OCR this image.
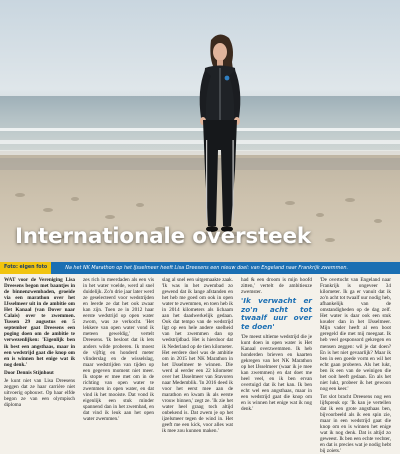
Internationale oversteek
Foto: eigen foto	Na het NK Marathon op het IJsselmeer heeft Lisa Dreesens een nieuw doel: van Engeland naar Frankrijk zwemmen.

WAT voor de Vereniging Lisa Dreesens begon met baantjes in de binnenzwembaden, groeide via een marathon over het IJsselmeer uit in de ambitie om Het Kanaal (van Dover naar Calais) over te zwemmen. Tussen 29 augustus en 5 september gaat Dreesens een poging doen om de ambitie te verwezenlijken: 'Eigenlijk ben ik best een angsthaas, maar in een wedstrijd gaat die knop om en is winnen het enige wat ik nog denk.'

Door Dennis Stijnhout

Je kunt niet van Lisa Dreesens zeggen dat ze haar carrière niet uitvoerig opbouwt. Op haar elfde begon ze van een olympisch diploma

zes rich in meerdaden als een vis in het water voelde, werd al snel duidelijk. Zo'n drie jaar later werd ze geselecteerd voor wedstrijden en leerde ze dat het ook zwaar kan zijn. Toen ze in 2012 haar eerste wedstrijd op open water zwom, was ze verkocht. 'Het lekkere van open water vond ik meteen geweldig,' vertelt Dreesens. 'Ik besloot dat ik lets anders wilde proberen. Ik moest de vijftig en honderd meter vlinderslag en de wisselslag, maar wedstrijden van tijden op een gegeven moment niet meer. Ik stopte er mee met om in de richting van open water te zwemmen in open water, en dat vind ik het mooiste. Dat vond ik eigenlijk een stuk minder spannend dan in het zwembad, en dat vind ik leuk aan het open water zwemmen.'

slag al snel een uitgemaakte zaak. 'Ik was in het zwembad zo gewend dat ik lange afstanden en het heb me goed om ook in open water te zwemmen, en toen heb ik in 2014 kilometers als lichaam aan het daadwerkelijk gedaan. Ook dat tempo van de wedstrijd ligt op een hele andere snelheid van het zwemmen dan op wedstrijdbad. Het is hierdoor dat ik Nederland op de tien kilometer. Het eerdere doel was de ambitie om in 2015 het NK Marathon in het IJsselmeer te winnen. Die werd al eerder een 22 kilometer over het IJsselmeer van Stavoren naar Medemblik. 'In 2016 deed ik voor het eerst mee aan de marathon en kwam ik als eerste vrouw binnen,' zegt ze. 'Ik zie het water heel graag toch altijd onbekend is. Dat zwem je op het ijzelsmeer tegen de wind in. Het geeft me een kick, voor alles wat ik mee zou kunnen maken.'

had & een droom is mijn hoofd zitten,' vertelt de ambitieuze zwemster.

'Ik verwacht er zo'n acht tot twaalf uur over te doen'

'De meest ultieme wedstrijd die je kunt doen in open water is Het Kanaal overzwemmen. Ik heb honderden brieven en kaarten gekregen van het NK Marathon op het IJsselmeer (waar ik je mee kan zwemmen) en dat doet me heel veel, en ik ben ervan overtuigd dat ik het kan. Ik ben echt wel een angsthaas, maar in een wedstrijd gaat die knop om en is winnen het enige wat ik nog denk.'

'De overtocht van Engeland naar Frankrijk is ongeveer 34 kilometer. Ik ga er vanuit dat ik zo'n acht tot twaalf uur nodig heb, afhankelijk van de omstandigheden op de dag zelf. Het water is daar ook een stuk kouder dan in het IJsselmeer. Mijn vader heeft al een boot geregeld die met mij meegaat. Ik heb veel gesponsord gekregen en mensen zeggen: wil je dat doen? En is het niet gevaarlijk? Maar ik ben in een goede vorm en wil het echt gaan proberen. Als het lukt, ben ik een van de weinigen die het ooit heeft gedaan. En als het niet lukt, probeer ik het gewoon nog een keer.'

Tot slot bracht Dreesens nog een lijfspreuk op: 'Ik kan je vertellen dat ik een grote angsthaas ben, bijvoorbeeld als ik een spin zie, maar in een wedstrijd gaat die knop om en is winnen het enige wat ik nog denk. Dat is altijd zo geweest. Ik ben een echte vechter, en dat is precies wat je nodig hebt bij zoiets.'
